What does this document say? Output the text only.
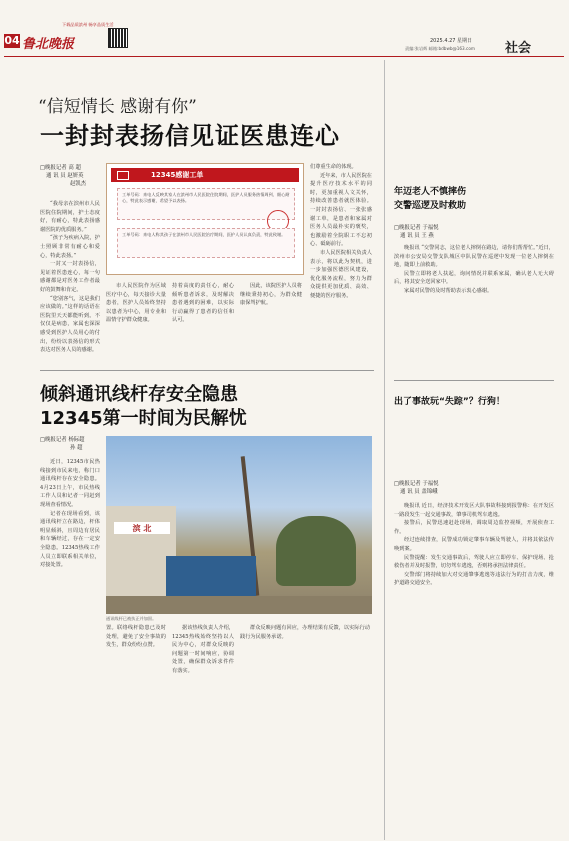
04 鲁北晚报
下载品质滨州 畅享品质生活
2025.4.27 星期日
责编:张岩辉 邮箱:bdbwb@163.com 社会
“信短情长 感谢有你”
一封封表扬信见证医患连心
□晚报记者 高 超
通 讯 员 赵妍英
赵凯杰

“我母亲在滨州市人民医院住院期间，护士态度好，有耐心，特此表扬感谢医院的优质服务。”

“孩子为疾病入院，护士照顾非常有耐心和爱心，特此表扬。”

一封又一封表扬信，见证着医患连心，每一句感谢都是对医务工作者最好的鼓舞和肯定。

“您别客气，这是我们应该做的。”这样的话语在医院里天天都能听到。不仅仅是病患，家属也深深感受到医护人员用心的付出，纷纷以表扬信的形式表达对医务人员的感谢。

12345感谢工单
工单号码：来电人反映其家人在滨州市人民医院住院期间，医护人员服务热情周到、细心耐心，特此表示感谢，希望予以表扬。
工单号码：来电人称其孩子在滨州市人民医院治疗期间，医护人员认真负责，特此致谢。

们尊重生命的体现。

近年来，市人民医院在提升医疗技术水平的同时，更加重视人文关怀，持续改善患者就医体验。一封封表扬信、一张张感谢工单，是患者和家属对医务人员最朴实的褒奖，也激励着全院职工不忘初心、砥砺前行。

市人民医院相关负责人表示，将以此为契机，进一步加强医德医风建设，优化服务流程，努力为群众提供更加优质、高效、便捷的医疗服务。

市人民医院作为区域医疗中心，每天接诊大量患者，医护人员始终坚持以患者为中心，用专业和温情守护群众健康。

持着高度的责任心，耐心倾听患者诉求，及时解决患者遇到的困难，以实际行动赢得了患者的信任和认可。

因此，该院医护人员将继续秉持初心，为群众健康保驾护航。

倾斜通讯线杆存安全隐患
12345第一时间为民解忧
□晚报记者 杨际超
孙 超

近日，12345市民热线接到市民来电，称门口通讯线杆存在安全隐患。4月23日上午，市民热线工作人员和记者一同赶到现场查看情况。

记者在现场看到，该通讯线杆立在路边，杆体明显倾斜，且周边有居民和车辆经过，存在一定安全隐患。12345热线工作人员立即联系相关单位，对接处置。

滨 北
通讯线杆已被扶正并加固。

置。联络线杆隐患已及时处理，避免了安全事故的发生，群众纷纷点赞。

据该热线负责人介绍，12345热线始终坚持以人民为中心，对群众反映的问题第一时间响应，协调处置，确保群众诉求件件有落实。

群众反映问题有回应，办理结果有反馈，以实际行动践行为民服务承诺。

年迈老人不慎摔伤
交警巡逻及时救助
□晚报记者 于福悦
通 讯 员 王 燕

晚报讯 “交警同志，这位老人摔倒在路边，请你们帮帮忙。”近日，滨州市公安局交警支队城区中队民警在巡逻中发现一位老人摔倒在地，随即上前救助。

民警立即将老人扶起，询问情况并联系家属，确认老人无大碍后，将其安全送回家中。

家属对民警的及时帮助表示衷心感谢。

出了事故玩“失踪”？行狗！
□晚报记者 于福悦
通 讯 员 盖锦峨

晚报讯 近日，经济技术开发区大队事故科接到报警称：在开发区一路段发生一起交通事故，肇事司机驾车逃逸。

接警后，民警迅速赶赴现场，调取周边监控视频，开展侦查工作。

经过连续排查，民警成功锁定肇事车辆及驾驶人，并将其依法传唤到案。

民警提醒：发生交通事故后，驾驶人应立即停车、保护现场、抢救伤者并及时报警，切勿驾车逃逸，否则将承担法律责任。

交警部门将持续加大对交通肇事逃逸等违法行为的打击力度，维护道路交通安全。
